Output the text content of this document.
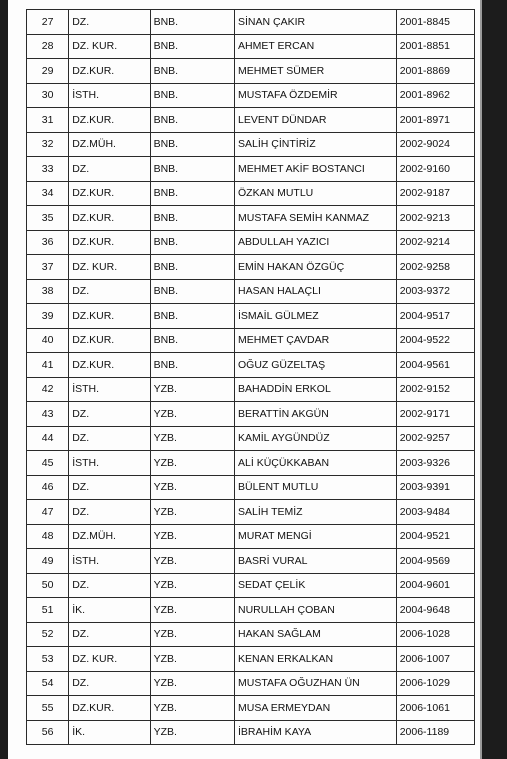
27	DZ.	BNB.	SİNAN ÇAKIR	2001-8845
28	DZ. KUR.	BNB.	AHMET ERCAN	2001-8851
29	DZ.KUR.	BNB.	MEHMET SÜMER	2001-8869
30	İSTH.	BNB.	MUSTAFA ÖZDEMİR	2001-8962
31	DZ.KUR.	BNB.	LEVENT DÜNDAR	2001-8971
32	DZ.MÜH.	BNB.	SALİH ÇİNTİRİZ	2002-9024
33	DZ.	BNB.	MEHMET AKİF BOSTANCI	2002-9160
34	DZ.KUR.	BNB.	ÖZKAN MUTLU	2002-9187
35	DZ.KUR.	BNB.	MUSTAFA SEMİH KANMAZ	2002-9213
36	DZ.KUR.	BNB.	ABDULLAH YAZICI	2002-9214
37	DZ. KUR.	BNB.	EMİN HAKAN ÖZGÜÇ	2002-9258
38	DZ.	BNB.	HASAN HALAÇLI	2003-9372
39	DZ.KUR.	BNB.	İSMAİL GÜLMEZ	2004-9517
40	DZ.KUR.	BNB.	MEHMET ÇAVDAR	2004-9522
41	DZ.KUR.	BNB.	OĞUZ GÜZELTAŞ	2004-9561
42	İSTH.	YZB.	BAHADDİN ERKOL	2002-9152
43	DZ.	YZB.	BERATTİN AKGÜN	2002-9171
44	DZ.	YZB.	KAMİL AYGÜNDÜZ	2002-9257
45	İSTH.	YZB.	ALİ KÜÇÜKKABAN	2003-9326
46	DZ.	YZB.	BÜLENT MUTLU	2003-9391
47	DZ.	YZB.	SALİH TEMİZ	2003-9484
48	DZ.MÜH.	YZB.	MURAT MENGİ	2004-9521
49	İSTH.	YZB.	BASRİ VURAL	2004-9569
50	DZ.	YZB.	SEDAT ÇELİK	2004-9601
51	İK.	YZB.	NURULLAH ÇOBAN	2004-9648
52	DZ.	YZB.	HAKAN SAĞLAM	2006-1028
53	DZ. KUR.	YZB.	KENAN ERKALKAN	2006-1007
54	DZ.	YZB.	MUSTAFA OĞUZHAN ÜN	2006-1029
55	DZ.KUR.	YZB.	MUSA ERMEYDAN	2006-1061
56	İK.	YZB.	İBRAHİM KAYA	2006-1189
